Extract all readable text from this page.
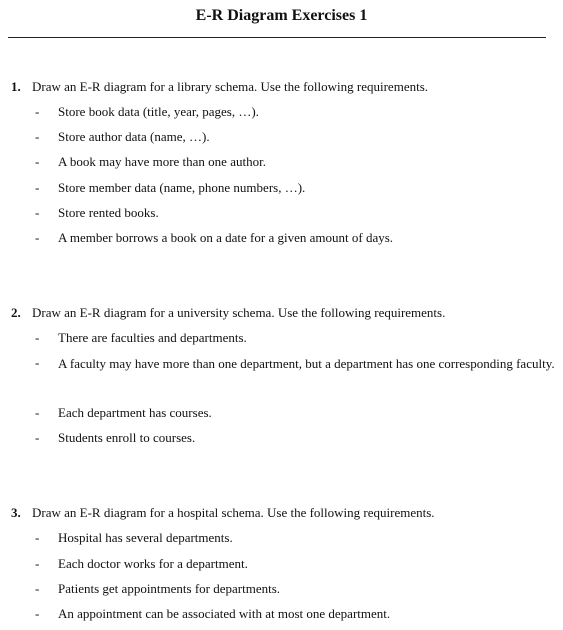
E-R Diagram Exercises 1
1. Draw an E-R diagram for a library schema. Use the following requirements.
- Store book data (title, year, pages, …).
- Store author data (name, …).
- A book may have more than one author.
- Store member data (name, phone numbers, …).
- Store rented books.
- A member borrows a book on a date for a given amount of days.
2. Draw an E-R diagram for a university schema. Use the following requirements.
- There are faculties and departments.
- A faculty may have more than one department, but a department has one corresponding faculty.
- Each department has courses.
- Students enroll to courses.
3. Draw an E-R diagram for a hospital schema. Use the following requirements.
- Hospital has several departments.
- Each doctor works for a department.
- Patients get appointments for departments.
- An appointment can be associated with at most one department.
